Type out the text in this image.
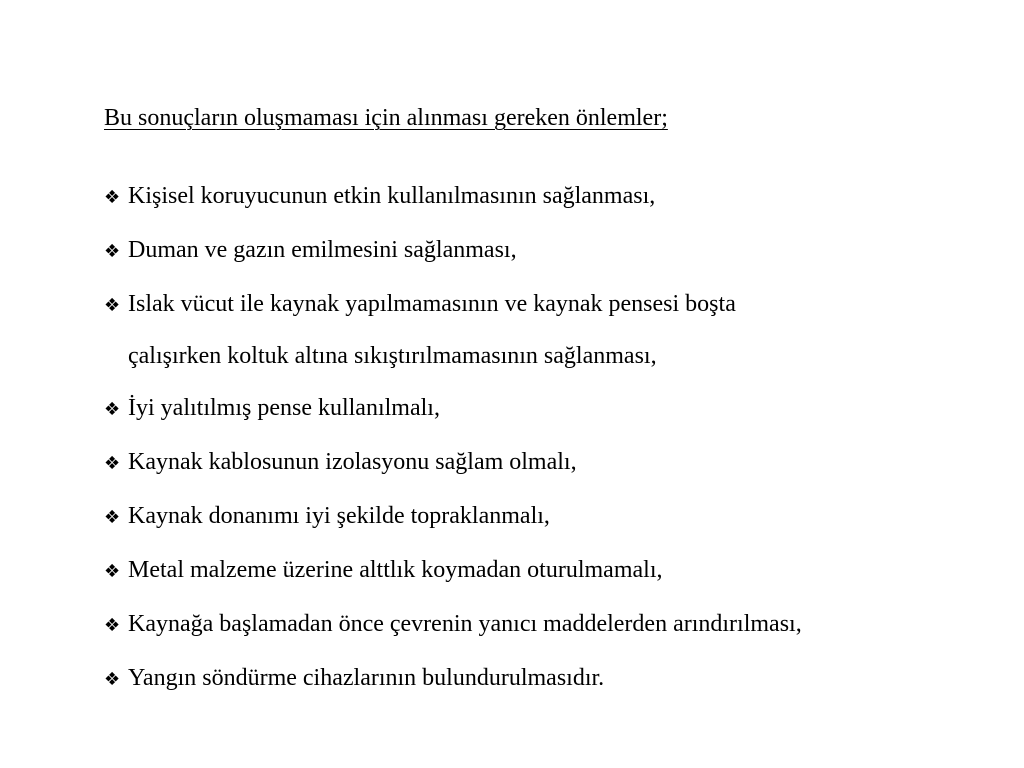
Bu sonuçların oluşmaması için alınması gereken önlemler;
❖ Kişisel koruyucunun etkin kullanılmasının sağlanması,
❖ Duman ve gazın emilmesini sağlanması,
❖ Islak vücut ile kaynak yapılmamasının ve kaynak pensesi boşta
çalışırken koltuk altına sıkıştırılmamasının sağlanması,
❖ İyi yalıtılmış pense kullanılmalı,
❖ Kaynak kablosunun izolasyonu sağlam olmalı,
❖ Kaynak donanımı iyi şekilde topraklanmalı,
❖ Metal malzeme üzerine alttlık koymadan oturulmamalı,
❖ Kaynağa başlamadan önce çevrenin yanıcı maddelerden arındırılması,
❖ Yangın söndürme cihazlarının bulundurulmasıdır.
